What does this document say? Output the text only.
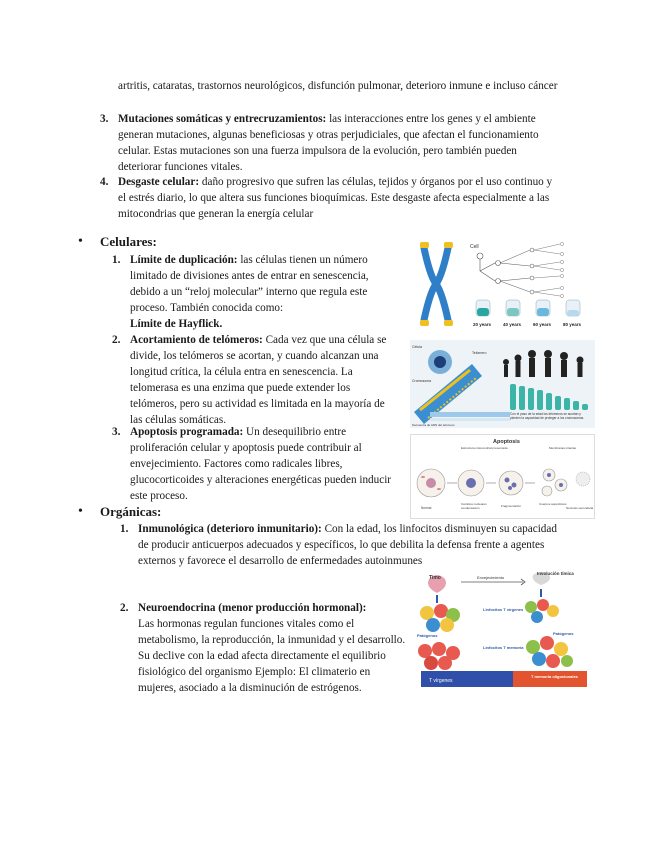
artritis, cataratas, trastornos neurológicos, disfunción pulmonar, deterioro inmune e incluso cáncer
3. Mutaciones somáticas y entrecruzamientos: las interacciones entre los genes y el ambiente generan mutaciones, algunas beneficiosas y otras perjudiciales, que afectan el funcionamiento celular. Estas mutaciones son una fuerza impulsora de la evolución, pero también pueden deteriorar funciones vitales.
4. Desgaste celular: daño progresivo que sufren las células, tejidos y órganos por el uso continuo y el estrés diario, lo que altera sus funciones bioquímicas. Este desgaste afecta especialmente a las mitocondrias que generan la energía celular
• Celulares:
1. Límite de duplicación: las células tienen un número limitado de divisiones antes de entrar en senescencia, debido a un “reloj molecular” interno que regula este proceso. También conocida como:
Límite de Hayflick.
2. Acortamiento de telómeros: Cada vez que una célula se divide, los telómeros se acortan, y cuando alcanzan una longitud crítica, la célula entra en senescencia. La telomerasa es una enzima que puede extender los telómeros, pero su actividad es limitada en la mayoría de las células somáticas.
3. Apoptosis programada: Un desequilibrio entre proliferación celular y apoptosis puede contribuir al envejecimiento. Factores como radicales libres, glucocorticoides y alteraciones energéticas pueden inducir este proceso.
• Orgánicas:
1. Inmunológica (deterioro inmunitario): Con la edad, los linfocitos disminuyen su capacidad de producir anticuerpos adecuados y específicos, lo que debilita la defensa frente a agentes externos y favorece el desarrollo de enfermedades autoinmunes
2. Neuroendocrina (menor producción hormonal):
Las hormonas regulan funciones vitales como el metabolismo, la reproducción, la inmunidad y el desarrollo. Su declive con la edad afecta directamente el equilibrio fisiológico del organismo Ejemplo: El climaterio en mujeres, asociado a la disminución de estrógenos.
Cell
20 years	40 years	60 years	80 years
Célula
Cromosoma
Telómero
Secuencia de ADN del telómero
Con el paso de la edad los telómeros se acortan y pierden la capacidad de proteger a los cromosomas
Apoptosis
Estructura mitocondrial preservada	Membranas intactas
Normal
Cambios nucleares
condensación	Fragmentación	Cuerpos apoptóticos
Necrosis secundaria
Timo	Envejecimiento
Involución tímica
Linfocitos T vírgenes
Patógenos	Patógenos
Linfocitos T memoria
T vírgenes
T memoria oligoclonales
